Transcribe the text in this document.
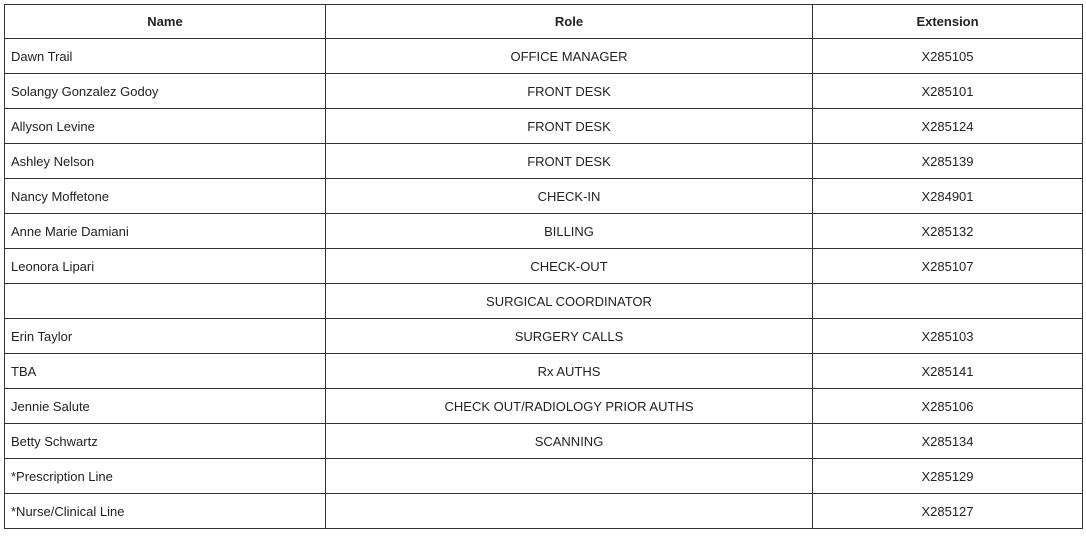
Name	Role	Extension
Dawn Trail	OFFICE MANAGER	X285105
Solangy Gonzalez Godoy	FRONT DESK	X285101
Allyson Levine	FRONT DESK	X285124
Ashley Nelson	FRONT DESK	X285139
Nancy Moffetone	CHECK-IN	X284901
Anne Marie Damiani	BILLING	X285132
Leonora Lipari	CHECK-OUT	X285107
	SURGICAL COORDINATOR	
Erin Taylor	SURGERY CALLS	X285103
TBA	Rx AUTHS	X285141
Jennie Salute	CHECK OUT/RADIOLOGY PRIOR AUTHS	X285106
Betty Schwartz	SCANNING	X285134
*Prescription Line		X285129
*Nurse/Clinical Line		X285127
